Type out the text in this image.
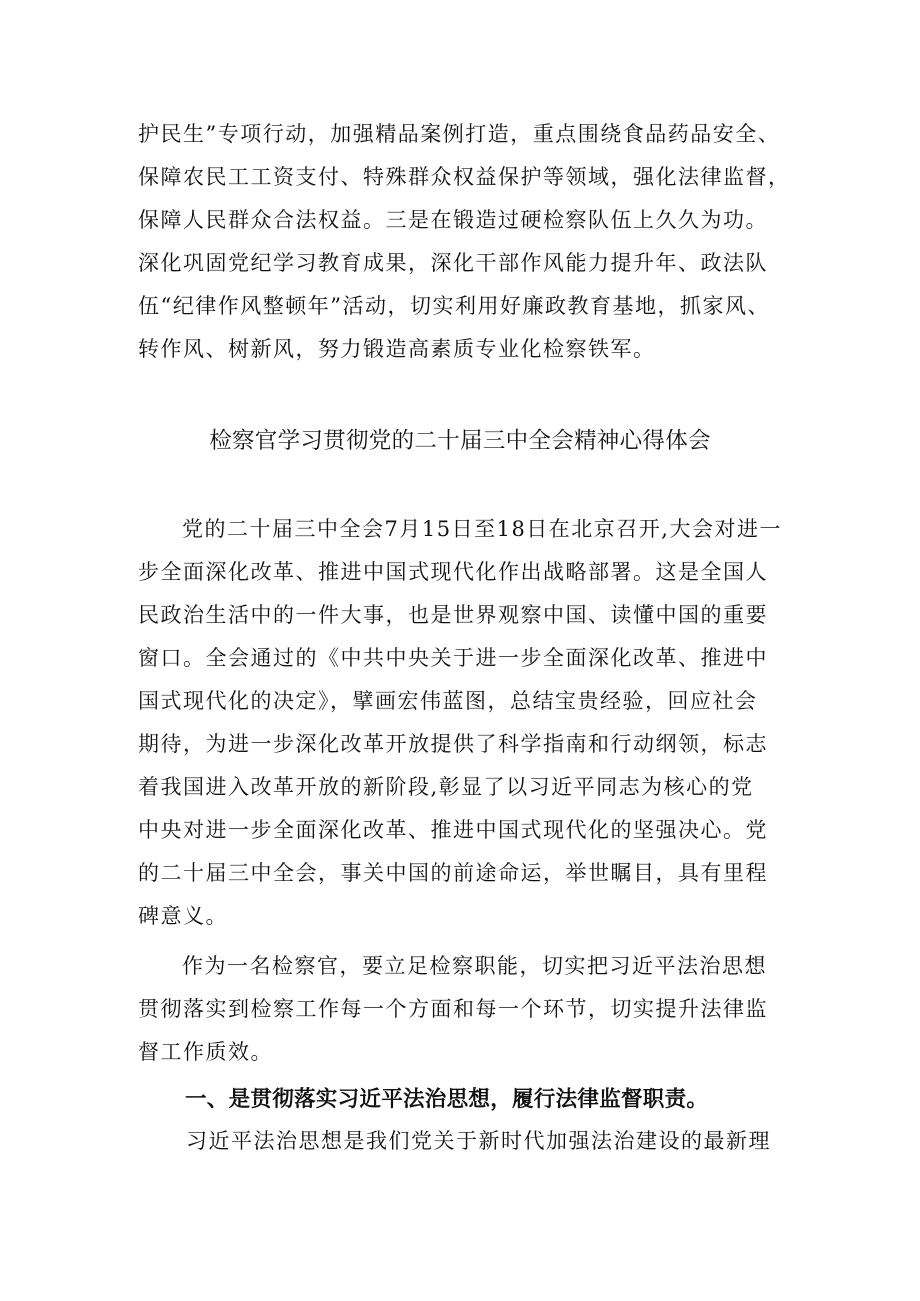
护民生”专项行动，加强精品案例打造，重点围绕食品药品安全、
保障农民工工资支付、特殊群众权益保护等领域，强化法律监督，
保障人民群众合法权益。三是在锻造过硬检察队伍上久久为功。
深化巩固党纪学习教育成果，深化干部作风能力提升年、政法队
伍“纪律作风整顿年”活动，切实利用好廉政教育基地，抓家风、
转作风、树新风，努力锻造高素质专业化检察铁军。
检察官学习贯彻党的二十届三中全会精神心得体会
党的二十届三中全会7月15日至18日在北京召开,大会对进一
步全面深化改革、推进中国式现代化作出战略部署。这是全国人
民政治生活中的一件大事，也是世界观察中国、读懂中国的重要
窗口。全会通过的《中共中央关于进一步全面深化改革、推进中
国式现代化的决定》，擘画宏伟蓝图，总结宝贵经验，回应社会
期待，为进一步深化改革开放提供了科学指南和行动纲领，标志
着我国进入改革开放的新阶段,彰显了以习近平同志为核心的党
中央对进一步全面深化改革、推进中国式现代化的坚强决心。党
的二十届三中全会，事关中国的前途命运，举世瞩目，具有里程
碑意义。
作为一名检察官，要立足检察职能，切实把习近平法治思想
贯彻落实到检察工作每一个方面和每一个环节，切实提升法律监
督工作质效。
一、是贯彻落实习近平法治思想，履行法律监督职责。
习近平法治思想是我们党关于新时代加强法治建设的最新理
